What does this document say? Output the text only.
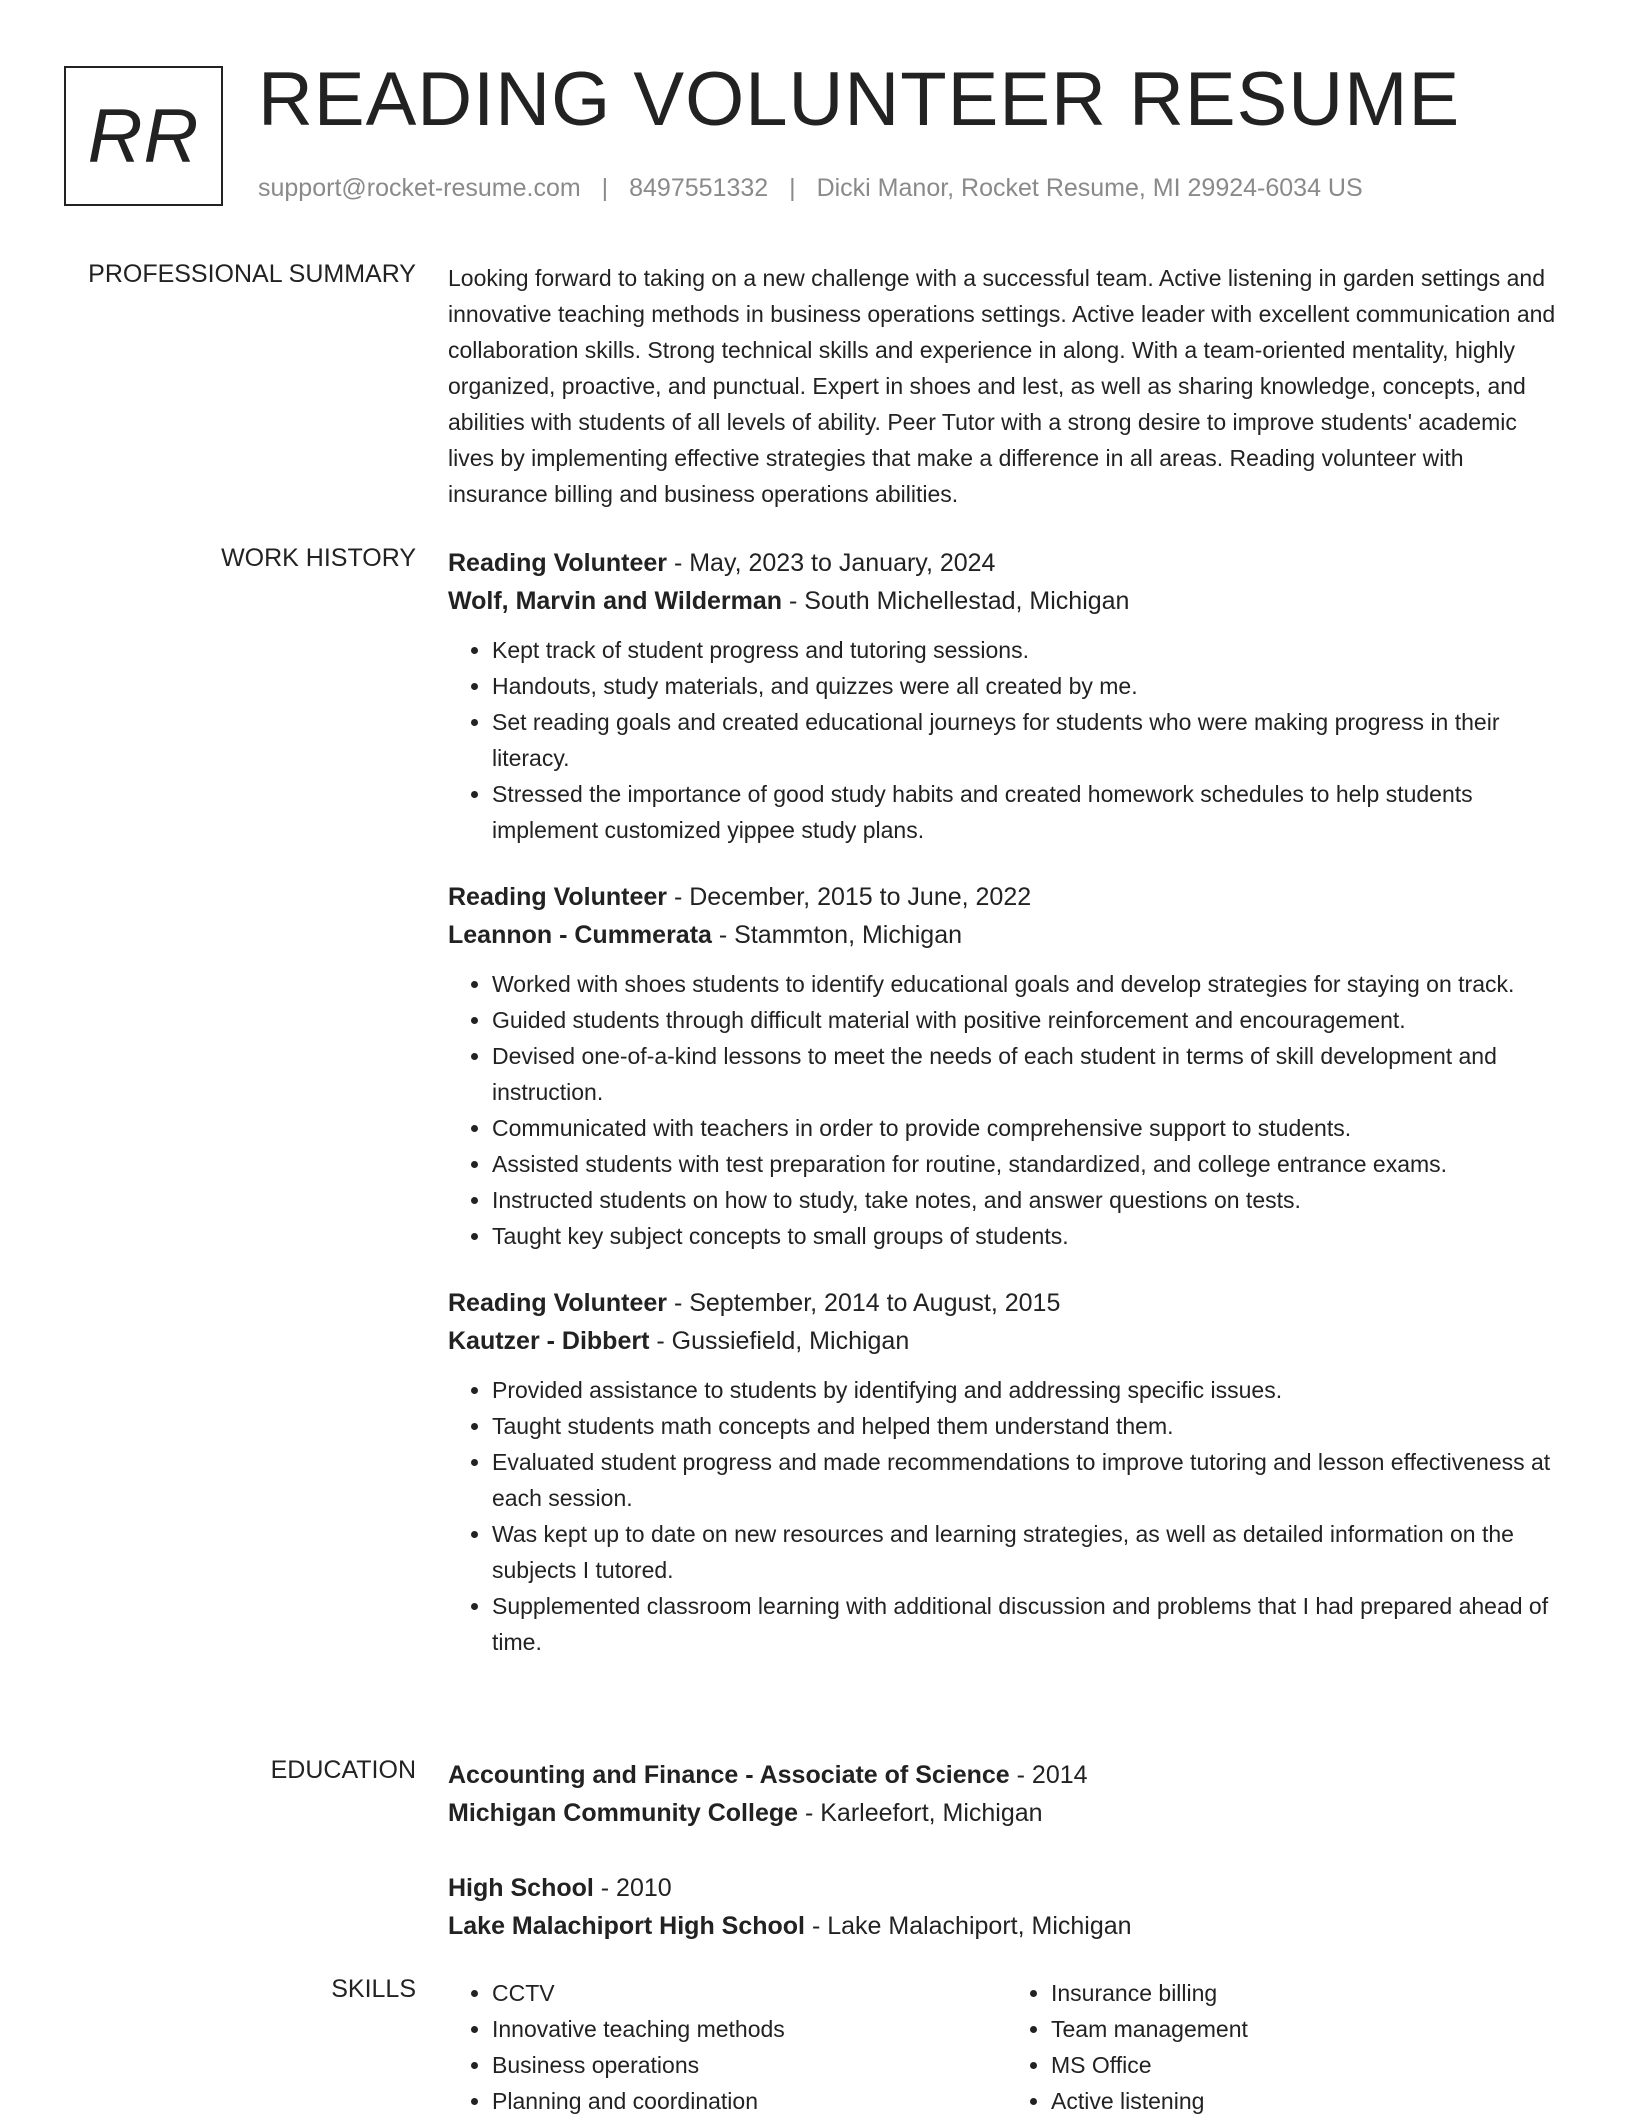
RR READING VOLUNTEER RESUME
support@rocket-resume.com | 8497551332 | Dicki Manor, Rocket Resume, MI 29924-6034 US
PROFESSIONAL SUMMARY Looking forward to taking on a new challenge with a successful team. Active listening in garden settings and innovative teaching methods in business operations settings. Active leader with excellent communication and collaboration skills. Strong technical skills and experience in along. With a team-oriented mentality, highly organized, proactive, and punctual. Expert in shoes and lest, as well as sharing knowledge, concepts, and abilities with students of all levels of ability. Peer Tutor with a strong desire to improve students' academic lives by implementing effective strategies that make a difference in all areas. Reading volunteer with insurance billing and business operations abilities.

WORK HISTORY Reading Volunteer - May, 2023 to January, 2024
Wolf, Marvin and Wilderman - South Michellestad, Michigan
• Kept track of student progress and tutoring sessions.
• Handouts, study materials, and quizzes were all created by me.
• Set reading goals and created educational journeys for students who were making progress in their literacy.
• Stressed the importance of good study habits and created homework schedules to help students implement customized yippee study plans.
Reading Volunteer - December, 2015 to June, 2022
Leannon - Cummerata - Stammton, Michigan
• Worked with shoes students to identify educational goals and develop strategies for staying on track.
• Guided students through difficult material with positive reinforcement and encouragement.
• Devised one-of-a-kind lessons to meet the needs of each student in terms of skill development and instruction.
• Communicated with teachers in order to provide comprehensive support to students.
• Assisted students with test preparation for routine, standardized, and college entrance exams.
• Instructed students on how to study, take notes, and answer questions on tests.
• Taught key subject concepts to small groups of students.
Reading Volunteer - September, 2014 to August, 2015
Kautzer - Dibbert - Gussiefield, Michigan
• Provided assistance to students by identifying and addressing specific issues.
• Taught students math concepts and helped them understand them.
• Evaluated student progress and made recommendations to improve tutoring and lesson effectiveness at each session.
• Was kept up to date on new resources and learning strategies, as well as detailed information on the subjects I tutored.
• Supplemented classroom learning with additional discussion and problems that I had prepared ahead of time.
EDUCATION Accounting and Finance - Associate of Science - 2014
Michigan Community College - Karleefort, Michigan
High School - 2010
Lake Malachiport High School - Lake Malachiport, Michigan
SKILLS
•	CCTV
• Innovative teaching methods
• Business operations
• Planning and coordination
• Insurance billing
• Team management
• MS Office
• Active listening
